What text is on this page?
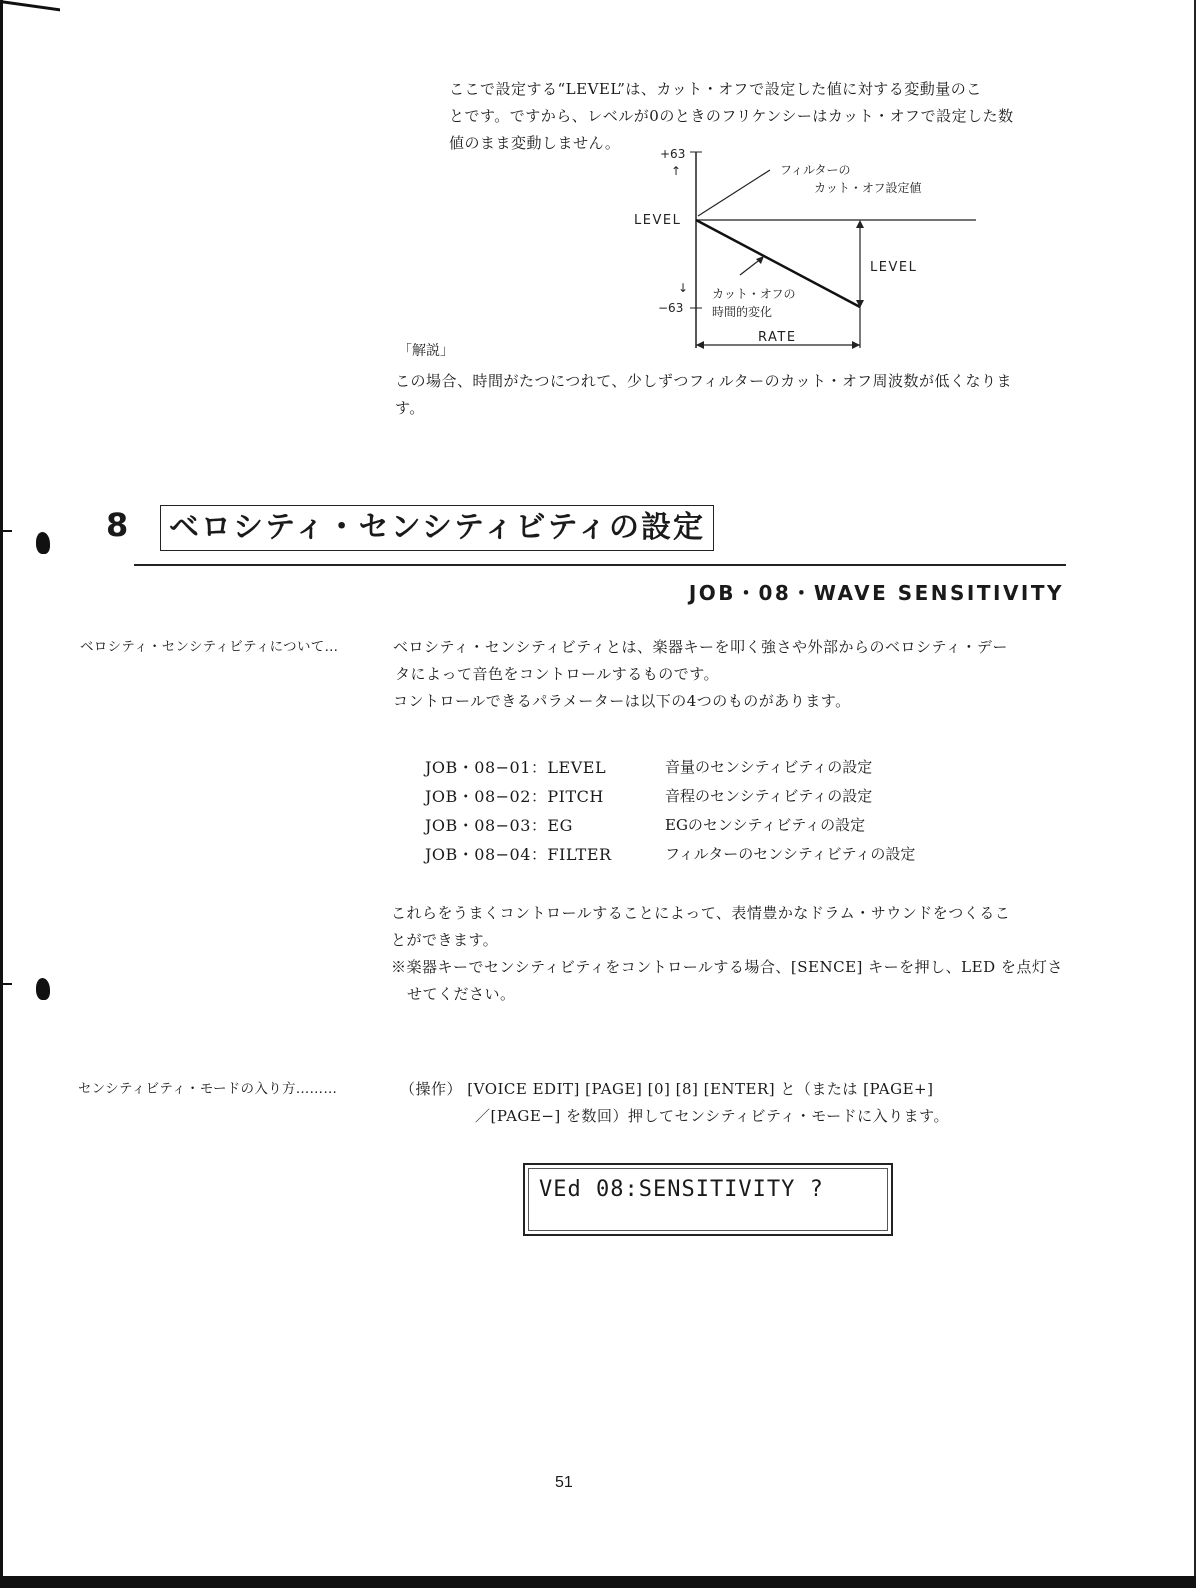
ここで設定する“LEVEL”は、カット・オフで設定した値に対する変動量のこ
とです。ですから、レベルが0のときのフリケンシーはカット・オフで設定した数
値のまま変動しません。
+63
↑
LEVEL
↓
−63
フィルターの
カット・オフ設定値
LEVEL
カット・オフの
時間的変化
RATE
「解説」
この場合、時間がたつにつれて、少しずつフィルターのカット・オフ周波数が低くなりま
す。
8	ベロシティ・センシティビティの設定
JOB・08・WAVE SENSITIVITY
ベロシティ・センシティビティについて…	ベロシティ・センシティビティとは、楽器キーを叩く強さや外部からのベロシティ・デー

タによって音色をコントロールするものです。

コントロールできるパラメーターは以下の4つのものがあります。

JOB・08−01：LEVEL	音量のセンシティビティの設定
JOB・08−02：PITCH	音程のセンシティビティの設定
JOB・08−03：EG	EGのセンシティビティの設定
JOB・08−04：FILTER	フィルターのセンシティビティの設定

これらをうまくコントロールすることによって、表情豊かなドラム・サウンドをつくるこ

とができます。

※楽器キーでセンシティビティをコントロールする場合、[SENCE] キーを押し、LED を点灯させてください。

センシティビティ・モードの入り方………	（操作） [VOICE EDIT] [PAGE] [0] [8] [ENTER] と（または [PAGE+]

／[PAGE−] を数回）押してセンシティビティ・モードに入ります。

VEd 08:SENSITIVITY ?
51
